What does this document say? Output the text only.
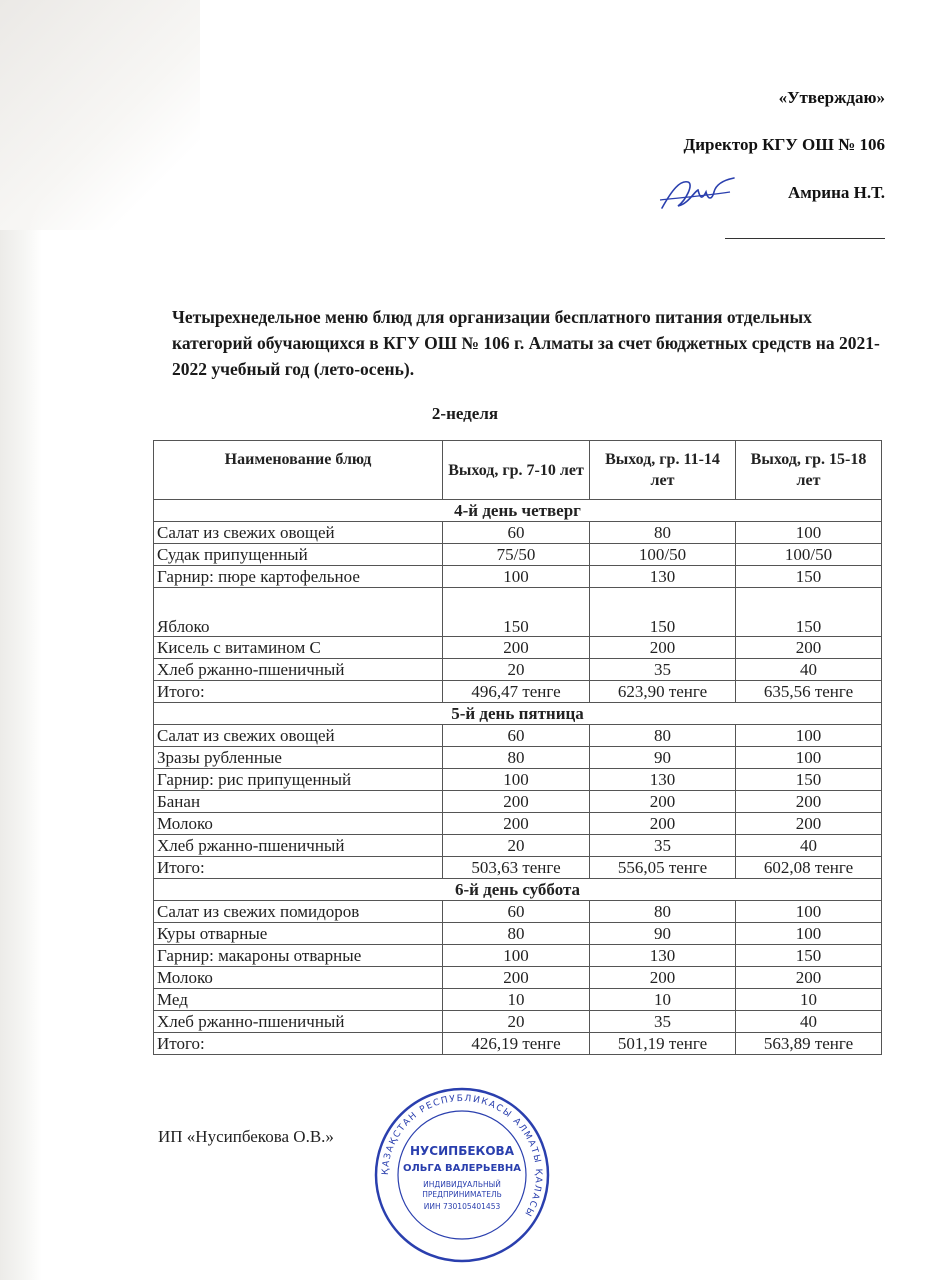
«Утверждаю»
Директор КГУ ОШ № 106
Амрина Н.Т.
Четырехнедельное меню блюд для организации бесплатного питания отдельных категорий обучающихся в КГУ ОШ № 106 г. Алматы за счет бюджетных средств на 2021-2022 учебный год (лето-осень).
2-неделя
Наименование блюд	Выход, гр. 7-10 лет	Выход, гр. 11-14 лет	Выход, гр. 15-18 лет
4-й день четверг			
Салат из свежих овощей	60	80	100
Судак припущенный	75/50	100/50	100/50
Гарнир: пюре картофельное	100	130	150
Яблоко	150	150	150
Кисель с витамином С	200	200	200
Хлеб ржанно-пшеничный	20	35	40
Итого:	496,47 тенге	623,90 тенге	635,56 тенге
5-й день пятница			
Салат из свежих овощей	60	80	100
Зразы рубленные	80	90	100
Гарнир: рис припущенный	100	130	150
Банан	200	200	200
Молоко	200	200	200
Хлеб ржанно-пшеничный	20	35	40
Итого:	503,63 тенге	556,05 тенге	602,08 тенге
6-й день суббота			
Салат из свежих помидоров	60	80	100
Куры отварные	80	90	100
Гарнир: макароны отварные	100	130	150
Молоко	200	200	200
Мед	10	10	10
Хлеб ржанно-пшеничный	20	35	40
Итого:	426,19 тенге	501,19 тенге	563,89 тенге
ИП «Нусипбекова О.В.»
ҚАЗАҚСТАН РЕСПУБЛИКАСЫ АЛМАТЫ ҚАЛАСЫ
НУСИПБЕКОВА
ОЛЬГА ВАЛЕРЬЕВНА
ИНДИВИДУАЛЬНЫЙ
ПРЕДПРИНИМАТЕЛЬ
ИИН 730105401453
